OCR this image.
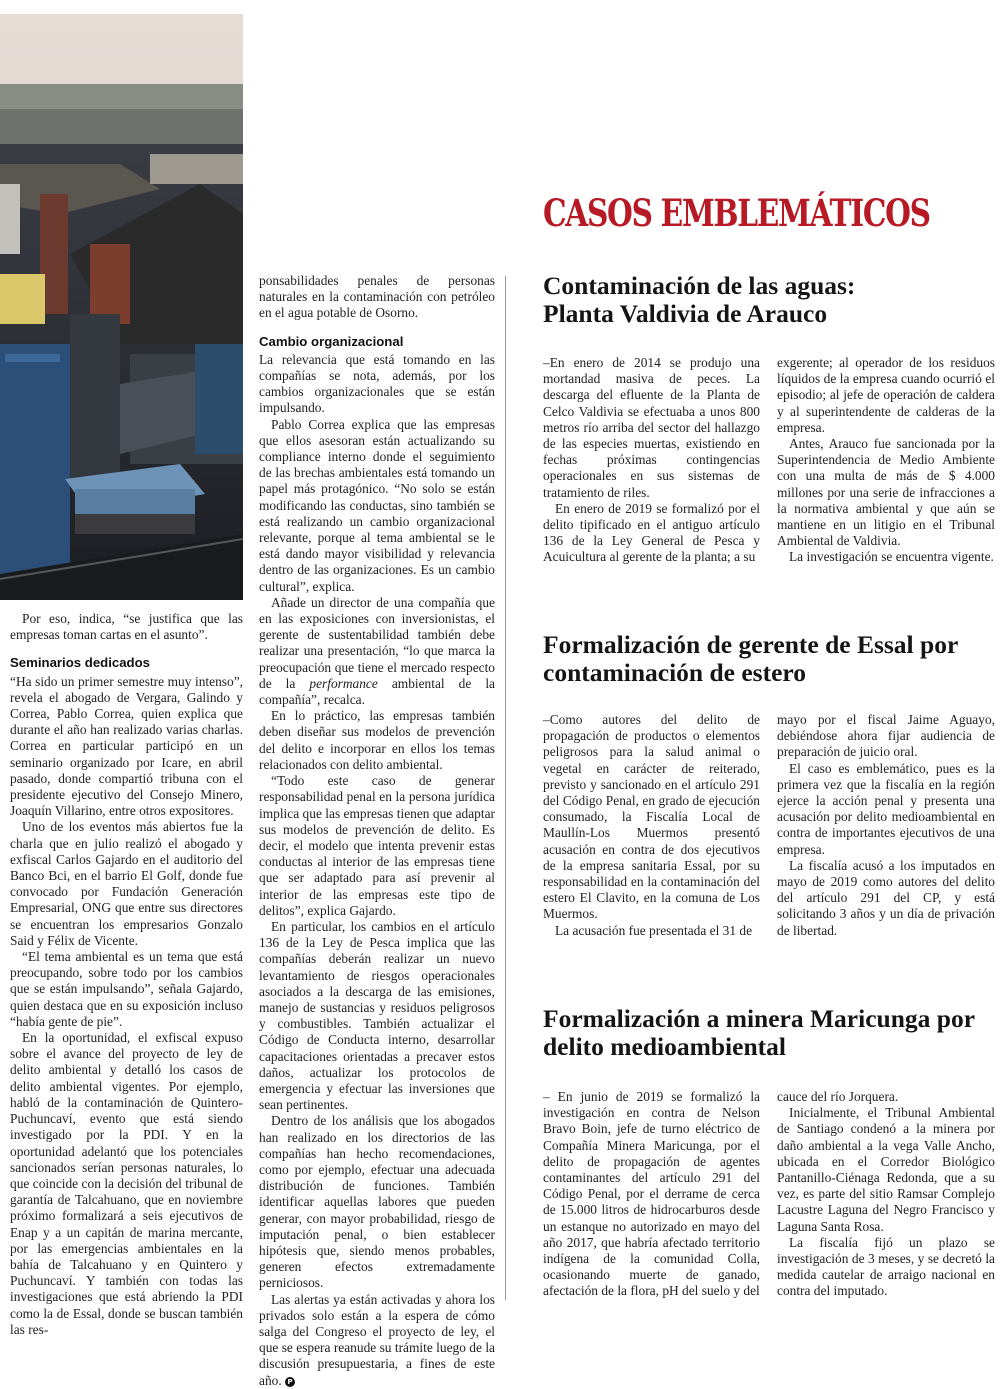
Por eso, indica, “se justifica que las empresas toman cartas en el asunto”.

Seminarios dedicados

“Ha sido un primer semestre muy intenso”, revela el abogado de Vergara, Galindo y Correa, Pablo Correa, quien explica que durante el año han realizado varias charlas. Correa en particular participó en un seminario organizado por Icare, en abril pasado, donde compartió tribuna con el presidente ejecutivo del Consejo Minero, Joaquín Villarino, entre otros expositores.

Uno de los eventos más abiertos fue la charla que en julio realizó el abogado y exfiscal Carlos Gajardo en el auditorio del Banco Bci, en el barrio El Golf, donde fue convocado por Fundación Generación Empresarial, ONG que entre sus directores se encuentran los empresarios Gonzalo Said y Félix de Vicente.

“El tema ambiental es un tema que está preocupando, sobre todo por los cambios que se están impulsando”, señala Gajardo, quien destaca que en su exposición incluso “había gente de pie”.

En la oportunidad, el exfiscal expuso sobre el avance del proyecto de ley de delito ambiental y detalló los casos de delito ambiental vigentes. Por ejemplo, habló de la contaminación de Quintero-Puchuncaví, evento que está siendo investigado por la PDI. Y en la oportunidad adelantó que los potenciales sancionados serían personas naturales, lo que coincide con la decisión del tribunal de garantía de Talcahuano, que en noviembre próximo formalizará a seis ejecutivos de Enap y a un capitán de marina mercante, por las emergencias ambientales en la bahía de Talcahuano y en Quintero y Puchuncaví. Y también con todas las investigaciones que está abriendo la PDI como la de Essal, donde se buscan también las res-

ponsabilidades penales de personas naturales en la contaminación con petróleo en el agua potable de Osorno.

Cambio organizacional

La relevancia que está tomando en las compañías se nota, además, por los cambios organizacionales que se están impulsando.

Pablo Correa explica que las empresas que ellos asesoran están actualizando su compliance interno donde el seguimiento de las brechas ambientales está tomando un papel más protagónico. “No solo se están modificando las conductas, sino también se está realizando un cambio organizacional relevante, porque al tema ambiental se le está dando mayor visibilidad y relevancia dentro de las organizaciones. Es un cambio cultural”, explica.

Añade un director de una compañía que en las exposiciones con inversionistas, el gerente de sustentabilidad también debe realizar una presentación, “lo que marca la preocupación que tiene el mercado respecto de la performance ambiental de la compañía”, recalca.

En lo práctico, las empresas también deben diseñar sus modelos de prevención del delito e incorporar en ellos los temas relacionados con delito ambiental.

“Todo este caso de generar responsabilidad penal en la persona jurídica implica que las empresas tienen que adaptar sus modelos de prevención de delito. Es decir, el modelo que intenta prevenir estas conductas al interior de las empresas tiene que ser adaptado para así prevenir al interior de las empresas este tipo de delitos”, explica Gajardo.

En particular, los cambios en el artículo 136 de la Ley de Pesca implica que las compañías deberán realizar un nuevo levantamiento de riesgos operacionales asociados a la descarga de las emisiones, manejo de sustancias y residuos peligrosos y combustibles. También actualizar el Código de Conducta interno, desarrollar capacitaciones orientadas a precaver estos daños, actualizar los protocolos de emergencia y efectuar las inversiones que sean pertinentes.

Dentro de los análisis que los abogados han realizado en los directorios de las compañías han hecho recomendaciones, como por ejemplo, efectuar una adecuada distribución de funciones. También identificar aquellas labores que pueden generar, con mayor probabilidad, riesgo de imputación penal, o bien establecer hipótesis que, siendo menos probables, generen efectos extremadamente perniciosos.

Las alertas ya están activadas y ahora los privados solo están a la espera de cómo salga del Congreso el proyecto de ley, el que se espera reanude su trámite luego de la discusión presupuestaria, a fines de este año. P

CASOS EMBLEMÁTICOS
Contaminación de las aguas: Planta Valdivia de Arauco

–En enero de 2014 se produjo una mortandad masiva de peces. La descarga del efluente de la Planta de Celco Valdivia se efectuaba a unos 800 metros río arriba del sector del hallazgo de las especies muertas, existiendo en fechas próximas contingencias operacionales en sus sistemas de tratamiento de riles.

En enero de 2019 se formalizó por el delito tipificado en el antiguo artículo 136 de la Ley General de Pesca y Acuicultura al gerente de la planta; a su

exgerente; al operador de los residuos líquidos de la empresa cuando ocurrió el episodio; al jefe de operación de caldera y al superintendente de calderas de la empresa.

Antes, Arauco fue sancionada por la Superintendencia de Medio Ambiente con una multa de más de $ 4.000 millones por una serie de infracciones a la normativa ambiental y que aún se mantiene en un litigio en el Tribunal Ambiental de Valdivia.

La investigación se encuentra vigente.

Formalización de gerente de Essal por contaminación de estero

–Como autores del delito de propagación de productos o elementos peligrosos para la salud animal o vegetal en carácter de reiterado, previsto y sancionado en el artículo 291 del Código Penal, en grado de ejecución consumado, la Fiscalía Local de Maullín-Los Muermos presentó acusación en contra de dos ejecutivos de la empresa sanitaria Essal, por su responsabilidad en la contaminación del estero El Clavito, en la comuna de Los Muermos.

La acusación fue presentada el 31 de

mayo por el fiscal Jaime Aguayo, debiéndose ahora fijar audiencia de preparación de juicio oral.

El caso es emblemático, pues es la primera vez que la fiscalía en la región ejerce la acción penal y presenta una acusación por delito medioambiental en contra de importantes ejecutivos de una empresa.

La fiscalía acusó a los imputados en mayo de 2019 como autores del delito del artículo 291 del CP, y está solicitando 3 años y un día de privación de libertad.

Formalización a minera Maricunga por delito medioambiental

– En junio de 2019 se formalizó la investigación en contra de Nelson Bravo Boin, jefe de turno eléctrico de Compañía Minera Maricunga, por el delito de propagación de agentes contaminantes del artículo 291 del Código Penal, por el derrame de cerca de 15.000 litros de hidrocarburos desde un estanque no autorizado en mayo del año 2017, que habría afectado territorio indígena de la comunidad Colla, ocasionando muerte de ganado, afectación de la flora, pH del suelo y del

cauce del río Jorquera.

Inicialmente, el Tribunal Ambiental de Santiago condenó a la minera por daño ambiental a la vega Valle Ancho, ubicada en el Corredor Biológico Pantanillo-Ciénaga Redonda, que a su vez, es parte del sitio Ramsar Complejo Lacustre Laguna del Negro Francisco y Laguna Santa Rosa.

La fiscalía fijó un plazo se investigación de 3 meses, y se decretó la medida cautelar de arraigo nacional en contra del imputado.
